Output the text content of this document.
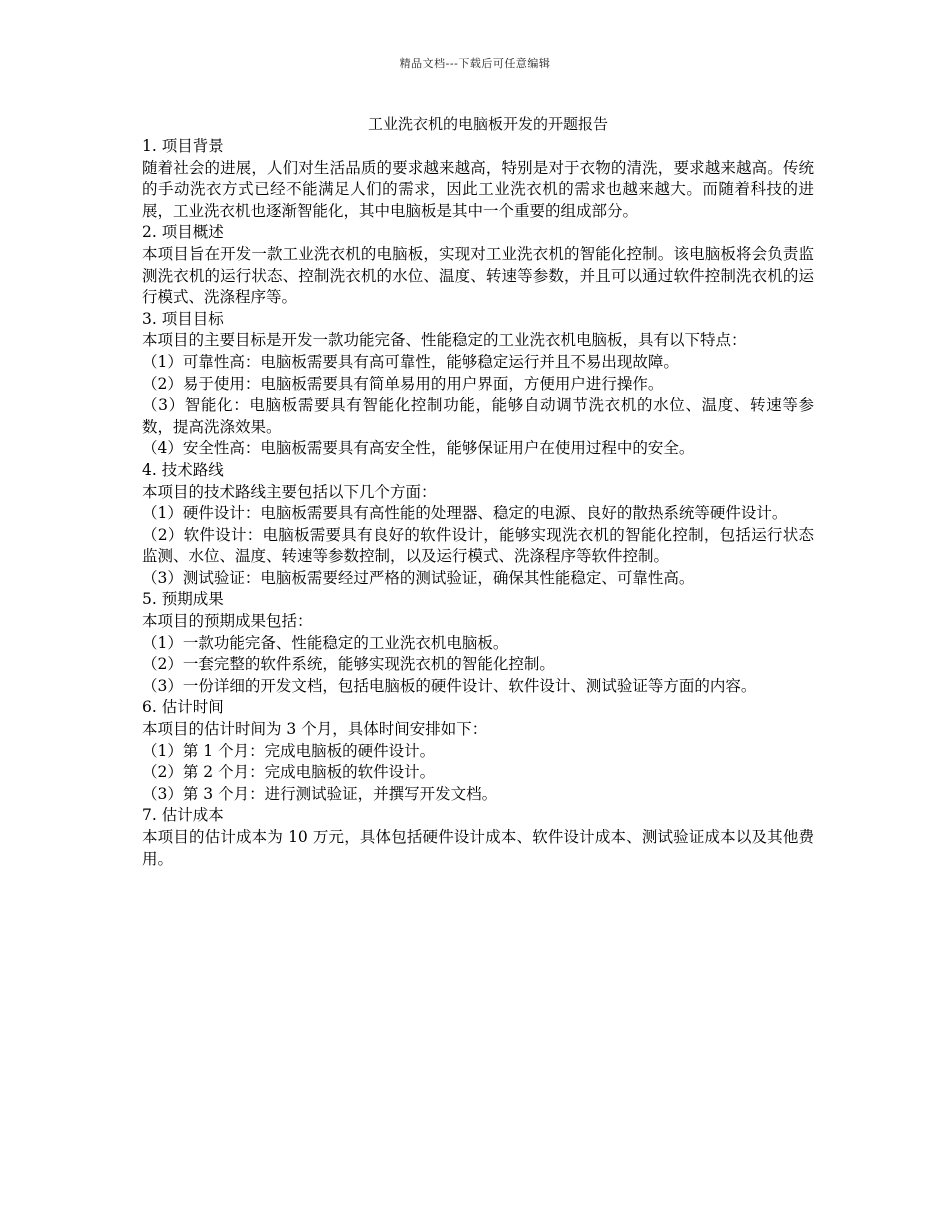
精品文档---下载后可任意编辑
工业洗衣机的电脑板开发的开题报告

1. 项目背景

随着社会的进展，人们对生活品质的要求越来越高，特别是对于衣物的清洗，要求越来越高。传统的手动洗衣方式已经不能满足人们的需求，因此工业洗衣机的需求也越来越大。而随着科技的进展，工业洗衣机也逐渐智能化，其中电脑板是其中一个重要的组成部分。

2. 项目概述

本项目旨在开发一款工业洗衣机的电脑板，实现对工业洗衣机的智能化控制。该电脑板将会负责监测洗衣机的运行状态、控制洗衣机的水位、温度、转速等参数，并且可以通过软件控制洗衣机的运行模式、洗涤程序等。

3. 项目目标

本项目的主要目标是开发一款功能完备、性能稳定的工业洗衣机电脑板，具有以下特点：

（1）可靠性高：电脑板需要具有高可靠性，能够稳定运行并且不易出现故障。

（2）易于使用：电脑板需要具有简单易用的用户界面，方便用户进行操作。

（3）智能化：电脑板需要具有智能化控制功能，能够自动调节洗衣机的水位、温度、转速等参数，提高洗涤效果。

（4）安全性高：电脑板需要具有高安全性，能够保证用户在使用过程中的安全。

4. 技术路线

本项目的技术路线主要包括以下几个方面：

（1）硬件设计：电脑板需要具有高性能的处理器、稳定的电源、良好的散热系统等硬件设计。

（2）软件设计：电脑板需要具有良好的软件设计，能够实现洗衣机的智能化控制，包括运行状态监测、水位、温度、转速等参数控制，以及运行模式、洗涤程序等软件控制。

（3）测试验证：电脑板需要经过严格的测试验证，确保其性能稳定、可靠性高。

5. 预期成果

本项目的预期成果包括：

（1）一款功能完备、性能稳定的工业洗衣机电脑板。

（2）一套完整的软件系统，能够实现洗衣机的智能化控制。

（3）一份详细的开发文档，包括电脑板的硬件设计、软件设计、测试验证等方面的内容。

6. 估计时间

本项目的估计时间为 3 个月，具体时间安排如下：

（1）第 1 个月：完成电脑板的硬件设计。

（2）第 2 个月：完成电脑板的软件设计。

（3）第 3 个月：进行测试验证，并撰写开发文档。

7. 估计成本

本项目的估计成本为 10 万元，具体包括硬件设计成本、软件设计成本、测试验证成本以及其他费用。
